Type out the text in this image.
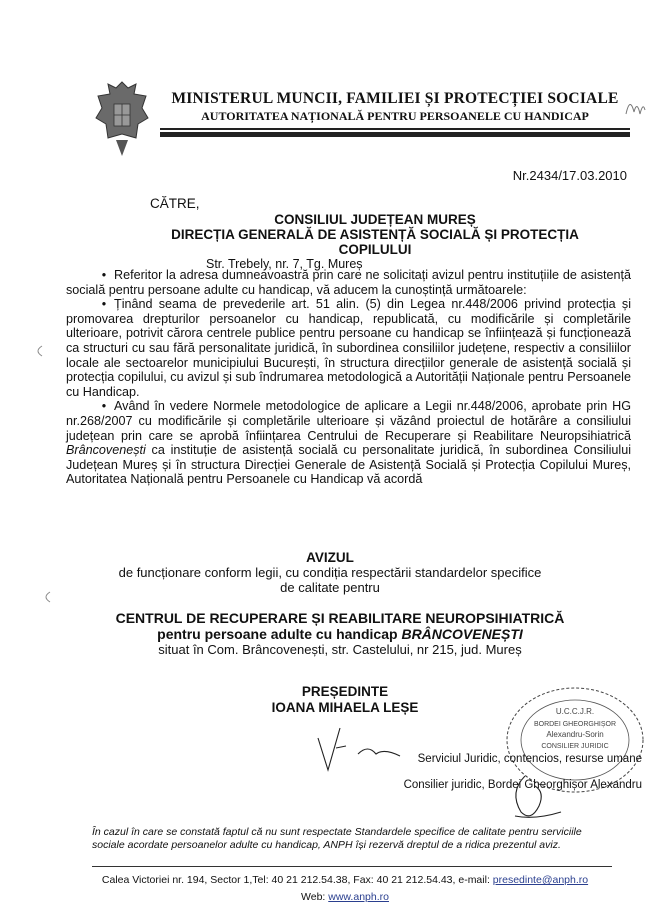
MINISTERUL MUNCII, FAMILIEI ȘI PROTECȚIEI SOCIALE
AUTORITATEA NAȚIONALĂ PENTRU PERSOANELE CU HANDICAP
Nr.2434/17.03.2010
CĂTRE,
CONSILIUL JUDEȚEAN MUREȘ
DIRECȚIA GENERALĂ DE ASISTENȚĂ SOCIALĂ ȘI PROTECȚIA COPILULUI
Str. Trebely, nr. 7, Tg. Mureș

• Referitor la adresa dumneavoastră prin care ne solicitați avizul pentru instituțiile de asistență socială pentru persoane adulte cu handicap, vă aducem la cunoștință următoarele:

• Ținând seama de prevederile art. 51 alin. (5) din Legea nr.448/2006 privind protecția și promovarea drepturilor persoanelor cu handicap, republicată, cu modificările și completările ulterioare, potrivit cărora centrele publice pentru persoane cu handicap se înființează și funcționează ca structuri cu sau fără personalitate juridică, în subordinea consiliilor județene, respectiv a consiliilor locale ale sectoarelor municipiului București, în structura direcțiilor generale de asistență socială și protecția copilului, cu avizul și sub îndrumarea metodologică a Autorității Naționale pentru Persoanele cu Handicap.

• Având în vedere Normele metodologice de aplicare a Legii nr.448/2006, aprobate prin HG nr.268/2007 cu modificările și completările ulterioare și văzând proiectul de hotărâre a consiliului județean prin care se aprobă înființarea Centrului de Recuperare și Reabilitare Neuropsihiatrică Brâncovenești ca instituție de asistență socială cu personalitate juridică, în subordinea Consiliului Județean Mureș și în structura Direcției Generale de Asistență Socială și Protecția Copilului Mureș, Autoritatea Națională pentru Persoanele cu Handicap vă acordă

AVIZUL
de funcționare conform legii, cu condiția respectării standardelor specifice de calitate pentru
CENTRUL DE RECUPERARE ȘI REABILITARE NEUROPSIHIATRICĂ
pentru persoane adulte cu handicap BRÂNCOVENEȘTI
situat în Com. Brâncovenești, str. Castelului, nr 215, jud. Mureș
PREȘEDINTE
IOANA MIHAELA LEȘE	U.C.C.J.R.
BORDEI GHEORGHIȘOR
Alexandru-Sorin
CONSILIER JURIDIC
Serviciul Juridic, contencios, resurse umane
Consilier juridic, Bordei Gheorghișor Alexandru
În cazul în care se constată faptul că nu sunt respectate Standardele specifice de calitate pentru serviciile sociale acordate persoanelor adulte cu handicap, ANPH își rezervă dreptul de a ridica prezentul aviz.
Calea Victoriei nr. 194, Sector 1,Tel: 40 21 212.54.38, Fax: 40 21 212.54.43, e-mail: presedinte@anph.ro
Web: www.anph.ro
